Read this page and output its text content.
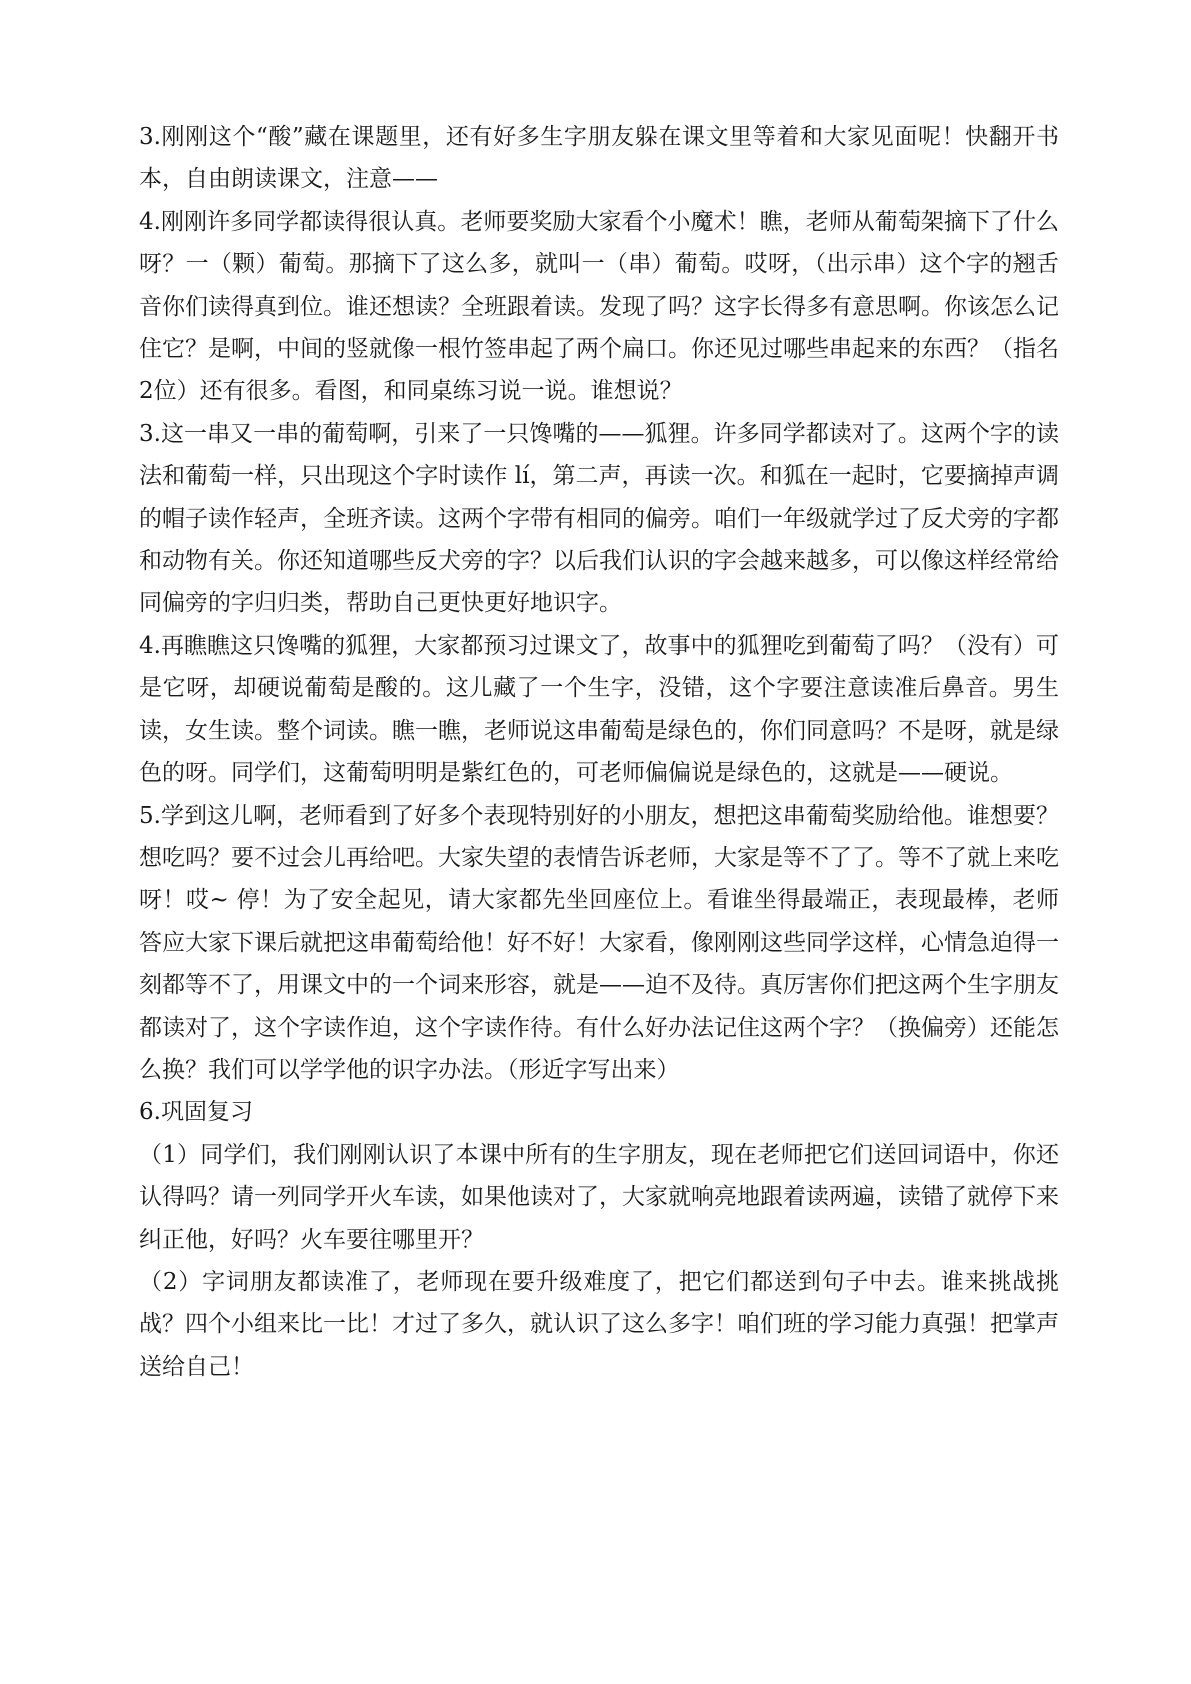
3.刚刚这个“酸”藏在课题里，还有好多生字朋友躲在课文里等着和大家见面呢！快翻开书本，自由朗读课文，注意——

4.刚刚许多同学都读得很认真。老师要奖励大家看个小魔术！瞧，老师从葡萄架摘下了什么呀？一（颗）葡萄。那摘下了这么多，就叫一（串）葡萄。哎呀，（出示串）这个字的翘舌音你们读得真到位。谁还想读？全班跟着读。发现了吗？这字长得多有意思啊。你该怎么记住它？是啊，中间的竖就像一根竹签串起了两个扁口。你还见过哪些串起来的东西？（指名2位）还有很多。看图，和同桌练习说一说。谁想说？

3.这一串又一串的葡萄啊，引来了一只馋嘴的——狐狸。许多同学都读对了。这两个字的读法和葡萄一样，只出现这个字时读作 lí，第二声，再读一次。和狐在一起时，它要摘掉声调的帽子读作轻声，全班齐读。这两个字带有相同的偏旁。咱们一年级就学过了反犬旁的字都和动物有关。你还知道哪些反犬旁的字？以后我们认识的字会越来越多，可以像这样经常给同偏旁的字归归类，帮助自己更快更好地识字。

4.再瞧瞧这只馋嘴的狐狸，大家都预习过课文了，故事中的狐狸吃到葡萄了吗？（没有）可是它呀，却硬说葡萄是酸的。这儿藏了一个生字，没错，这个字要注意读准后鼻音。男生读，女生读。整个词读。瞧一瞧，老师说这串葡萄是绿色的，你们同意吗？不是呀，就是绿色的呀。同学们，这葡萄明明是紫红色的，可老师偏偏说是绿色的，这就是——硬说。

5.学到这儿啊，老师看到了好多个表现特别好的小朋友，想把这串葡萄奖励给他。谁想要？想吃吗？要不过会儿再给吧。大家失望的表情告诉老师，大家是等不了了。等不了就上来吃呀！哎~ 停！为了安全起见，请大家都先坐回座位上。看谁坐得最端正，表现最棒，老师答应大家下课后就把这串葡萄给他！好不好！大家看，像刚刚这些同学这样，心情急迫得一刻都等不了，用课文中的一个词来形容，就是——迫不及待。真厉害你们把这两个生字朋友都读对了，这个字读作迫，这个字读作待。有什么好办法记住这两个字？（换偏旁）还能怎么换？我们可以学学他的识字办法。（形近字写出来）

6.巩固复习

（1）同学们，我们刚刚认识了本课中所有的生字朋友，现在老师把它们送回词语中，你还认得吗？请一列同学开火车读，如果他读对了，大家就响亮地跟着读两遍，读错了就停下来纠正他，好吗？火车要往哪里开？

（2）字词朋友都读准了，老师现在要升级难度了，把它们都送到句子中去。谁来挑战挑战？四个小组来比一比！才过了多久，就认识了这么多字！咱们班的学习能力真强！把掌声送给自己！
